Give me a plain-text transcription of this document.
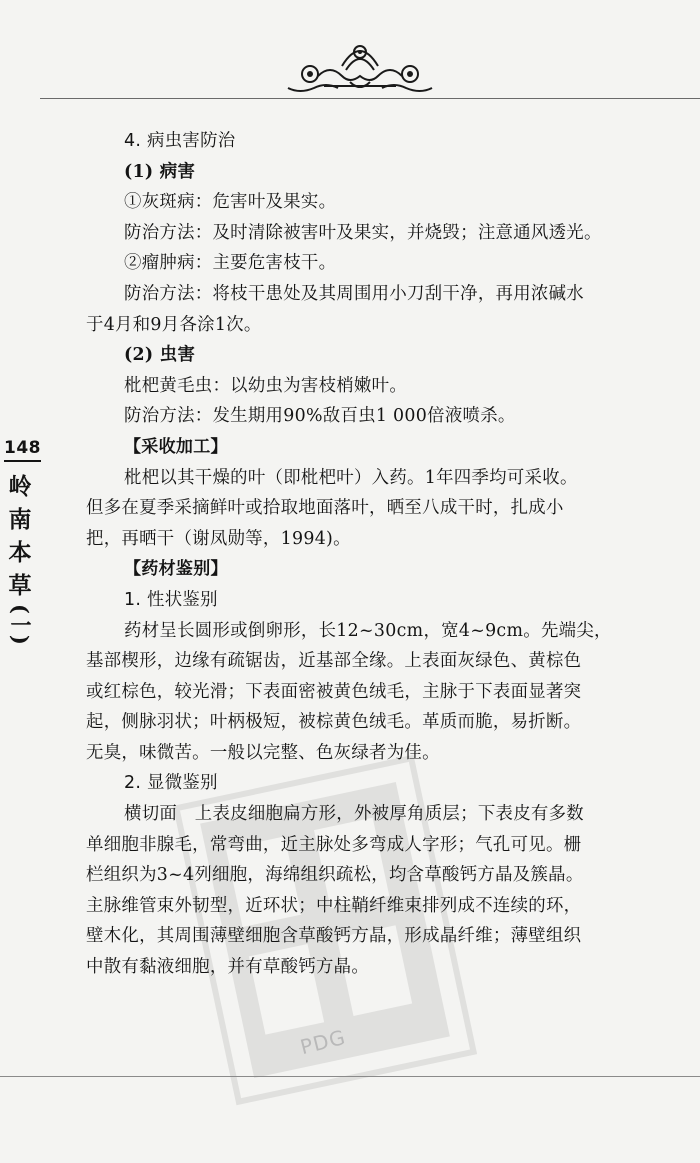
148
岭
南
本
草
(一)
PDG

4. 病虫害防治

(1) 病害

①灰斑病：危害叶及果实。

防治方法：及时清除被害叶及果实，并烧毁；注意通风透光。

②瘤肿病：主要危害枝干。

防治方法：将枝干患处及其周围用小刀刮干净，再用浓碱水

于4月和9月各涂1次。

(2) 虫害

枇杷黄毛虫：以幼虫为害枝梢嫩叶。

防治方法：发生期用90%敌百虫1 000倍液喷杀。

【采收加工】

枇杷以其干燥的叶（即枇杷叶）入药。1年四季均可采收。

但多在夏季采摘鲜叶或拾取地面落叶，晒至八成干时，扎成小

把，再晒干（谢凤勋等，1994)。

【药材鉴别】

1. 性状鉴别

药材呈长圆形或倒卵形，长12~30cm，宽4~9cm。先端尖，

基部楔形，边缘有疏锯齿，近基部全缘。上表面灰绿色、黄棕色

或红棕色，较光滑；下表面密被黄色绒毛，主脉于下表面显著突

起，侧脉羽状；叶柄极短，被棕黄色绒毛。革质而脆，易折断。

无臭，味微苦。一般以完整、色灰绿者为佳。

2. 显微鉴别

横切面　上表皮细胞扁方形，外被厚角质层；下表皮有多数

单细胞非腺毛，常弯曲，近主脉处多弯成人字形；气孔可见。栅

栏组织为3~4列细胞，海绵组织疏松，均含草酸钙方晶及簇晶。

主脉维管束外韧型，近环状；中柱鞘纤维束排列成不连续的环，

壁木化，其周围薄壁细胞含草酸钙方晶，形成晶纤维；薄壁组织

中散有黏液细胞，并有草酸钙方晶。
